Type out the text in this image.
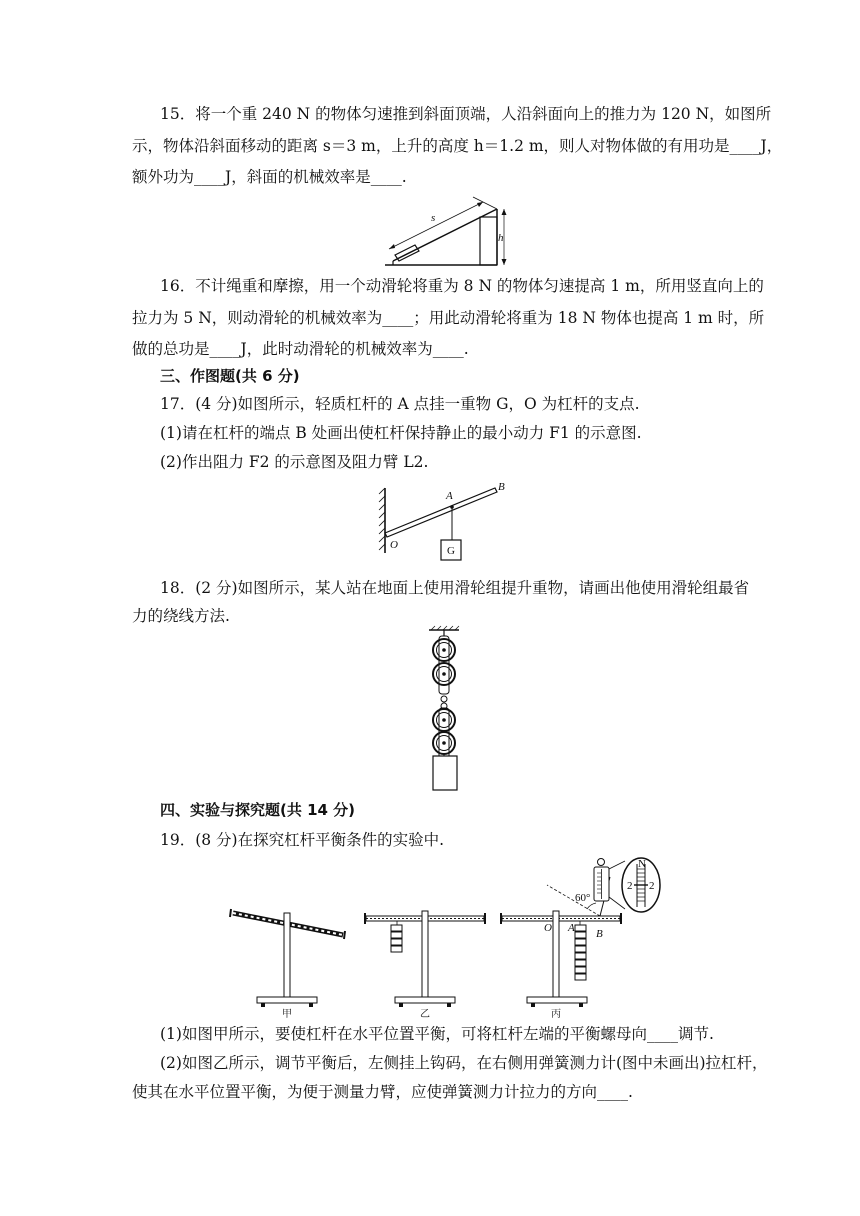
15．将一个重 240 N 的物体匀速推到斜面顶端，人沿斜面向上的推力为 120 N，如图所
示，物体沿斜面移动的距离 s＝3 m，上升的高度 h＝1.2 m，则人对物体做的有用功是____J，
额外功为____J，斜面的机械效率是____.
s
h
16．不计绳重和摩擦，用一个动滑轮将重为 8 N 的物体匀速提高 1 m，所用竖直向上的
拉力为 5 N，则动滑轮的机械效率为____；用此动滑轮将重为 18 N 物体也提高 1 m 时，所
做的总功是____J，此时动滑轮的机械效率为____.
三、作图题(共 6 分)
17．(4 分)如图所示，轻质杠杆的 A 点挂一重物 G，O 为杠杆的支点.
(1)请在杠杆的端点 B 处画出使杠杆保持静止的最小动力 F1 的示意图.
(2)作出阻力 F2 的示意图及阻力臂 L2.
G
A
B
O
18．(2 分)如图所示，某人站在地面上使用滑轮组提升重物，请画出他使用滑轮组最省
力的绕线方法.
四、实验与探究题(共 14 分)
19．(8 分)在探究杠杆平衡条件的实验中.
甲	乙
O A B
60°
N
2 2
丙
(1)如图甲所示，要使杠杆在水平位置平衡，可将杠杆左端的平衡螺母向____调节.
(2)如图乙所示，调节平衡后，左侧挂上钩码，在右侧用弹簧测力计(图中未画出)拉杠杆，
使其在水平位置平衡，为便于测量力臂，应使弹簧测力计拉力的方向____.
